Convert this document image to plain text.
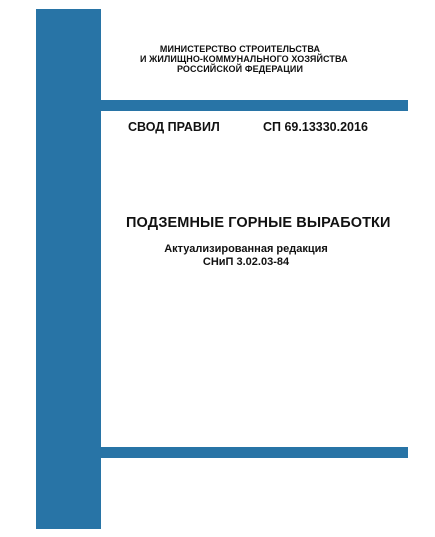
МИНИСТЕРСТВО СТРОИТЕЛЬСТВА
И ЖИЛИЩНО-КОММУНАЛЬНОГО ХОЗЯЙСТВА
РОССИЙСКОЙ ФЕДЕРАЦИИ
СВОД ПРАВИЛ	СП 69.13330.2016
ПОДЗЕМНЫЕ ГОРНЫЕ ВЫРАБОТКИ
Актуализированная редакция
СНиП 3.02.03-84
